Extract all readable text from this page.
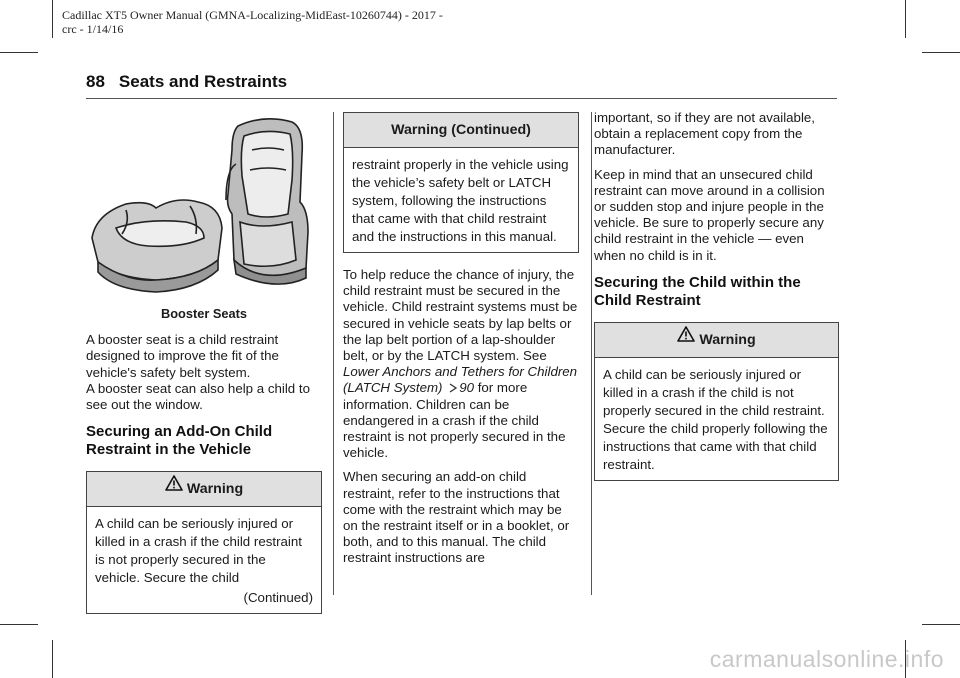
Cadillac XT5 Owner Manual (GMNA-Localizing-MidEast-10260744) - 2017 -
crc - 1/14/16
88 Seats and Restraints
Booster Seats

A booster seat is a child restraint designed to improve the fit of the vehicle's safety belt system.
A booster seat can also help a child to see out the window.

Securing an Add-On Child Restraint in the Vehicle
Warning
A child can be seriously injured or killed in a crash if the child restraint is not properly secured in the vehicle. Secure the child
(Continued)
Warning (Continued)
restraint properly in the vehicle using the vehicle’s safety belt or LATCH system, following the instructions that came with that child restraint and the instructions in this manual.

To help reduce the chance of injury, the child restraint must be secured in the vehicle. Child restraint systems must be secured in vehicle seats by lap belts or the lap belt portion of a lap-shoulder belt, or by the LATCH system. See Lower Anchors and Tethers for Children (LATCH System) 90 for more information. Children can be endangered in a crash if the child restraint is not properly secured in the vehicle.

When securing an add-on child restraint, refer to the instructions that come with the restraint which may be on the restraint itself or in a booklet, or both, and to this manual. The child restraint instructions are

important, so if they are not available, obtain a replacement copy from the manufacturer.

Keep in mind that an unsecured child restraint can move around in a collision or sudden stop and injure people in the vehicle. Be sure to properly secure any child restraint in the vehicle — even when no child is in it.

Securing the Child within the Child Restraint
Warning
A child can be seriously injured or killed in a crash if the child is not properly secured in the child restraint. Secure the child properly following the instructions that came with that child restraint.
carmanualsonline.info
